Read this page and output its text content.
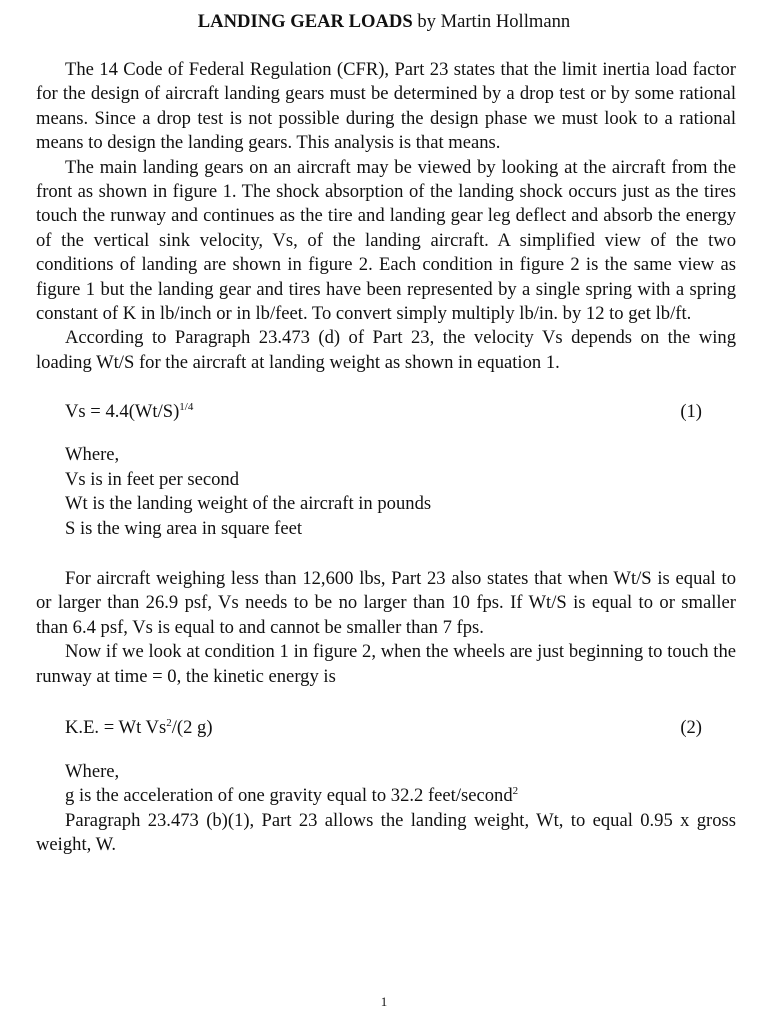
LANDING GEAR LOADS by Martin Hollmann

The 14 Code of Federal Regulation (CFR), Part 23 states that the limit inertia load factor for the design of aircraft landing gears must be determined by a drop test or by some rational means. Since a drop test is not possible during the design phase we must look to a rational means to design the landing gears. This analysis is that means.

The main landing gears on an aircraft may be viewed by looking at the aircraft from the front as shown in figure 1. The shock absorption of the landing shock occurs just as the tires touch the runway and continues as the tire and landing gear leg deflect and absorb the energy of the vertical sink velocity, Vs, of the landing aircraft. A simplified view of the two conditions of landing are shown in figure 2. Each condition in figure 2 is the same view as figure 1 but the landing gear and tires have been represented by a single spring with a spring constant of K in lb/inch or in lb/feet. To convert simply multiply lb/in. by 12 to get lb/ft.

According to Paragraph 23.473 (d) of Part 23, the velocity Vs depends on the wing loading Wt/S for the aircraft at landing weight as shown in equation 1.

$Vs = 4.4(Wt/S)^{1/4}$	(1)
Where,
Vs is in feet per second
Wt is the landing weight of the aircraft in pounds
S is the wing area in square feet

For aircraft weighing less than 12,600 lbs, Part 23 also states that when Wt/S is equal to or larger than 26.9 psf, Vs needs to be no larger than 10 fps. If Wt/S is equal to or smaller than 6.4 psf, Vs is equal to and cannot be smaller than 7 fps.

Now if we look at condition 1 in figure 2, when the wheels are just beginning to touch the runway at time = 0, the kinetic energy is

K.E. = Wt Vs$^2$/(2 g)	(2)
Where,
g is the acceleration of one gravity equal to 32.2 feet/second$^2$

Paragraph 23.473 (b)(1), Part 23 allows the landing weight, Wt, to equal 0.95 x gross weight, W.

1
